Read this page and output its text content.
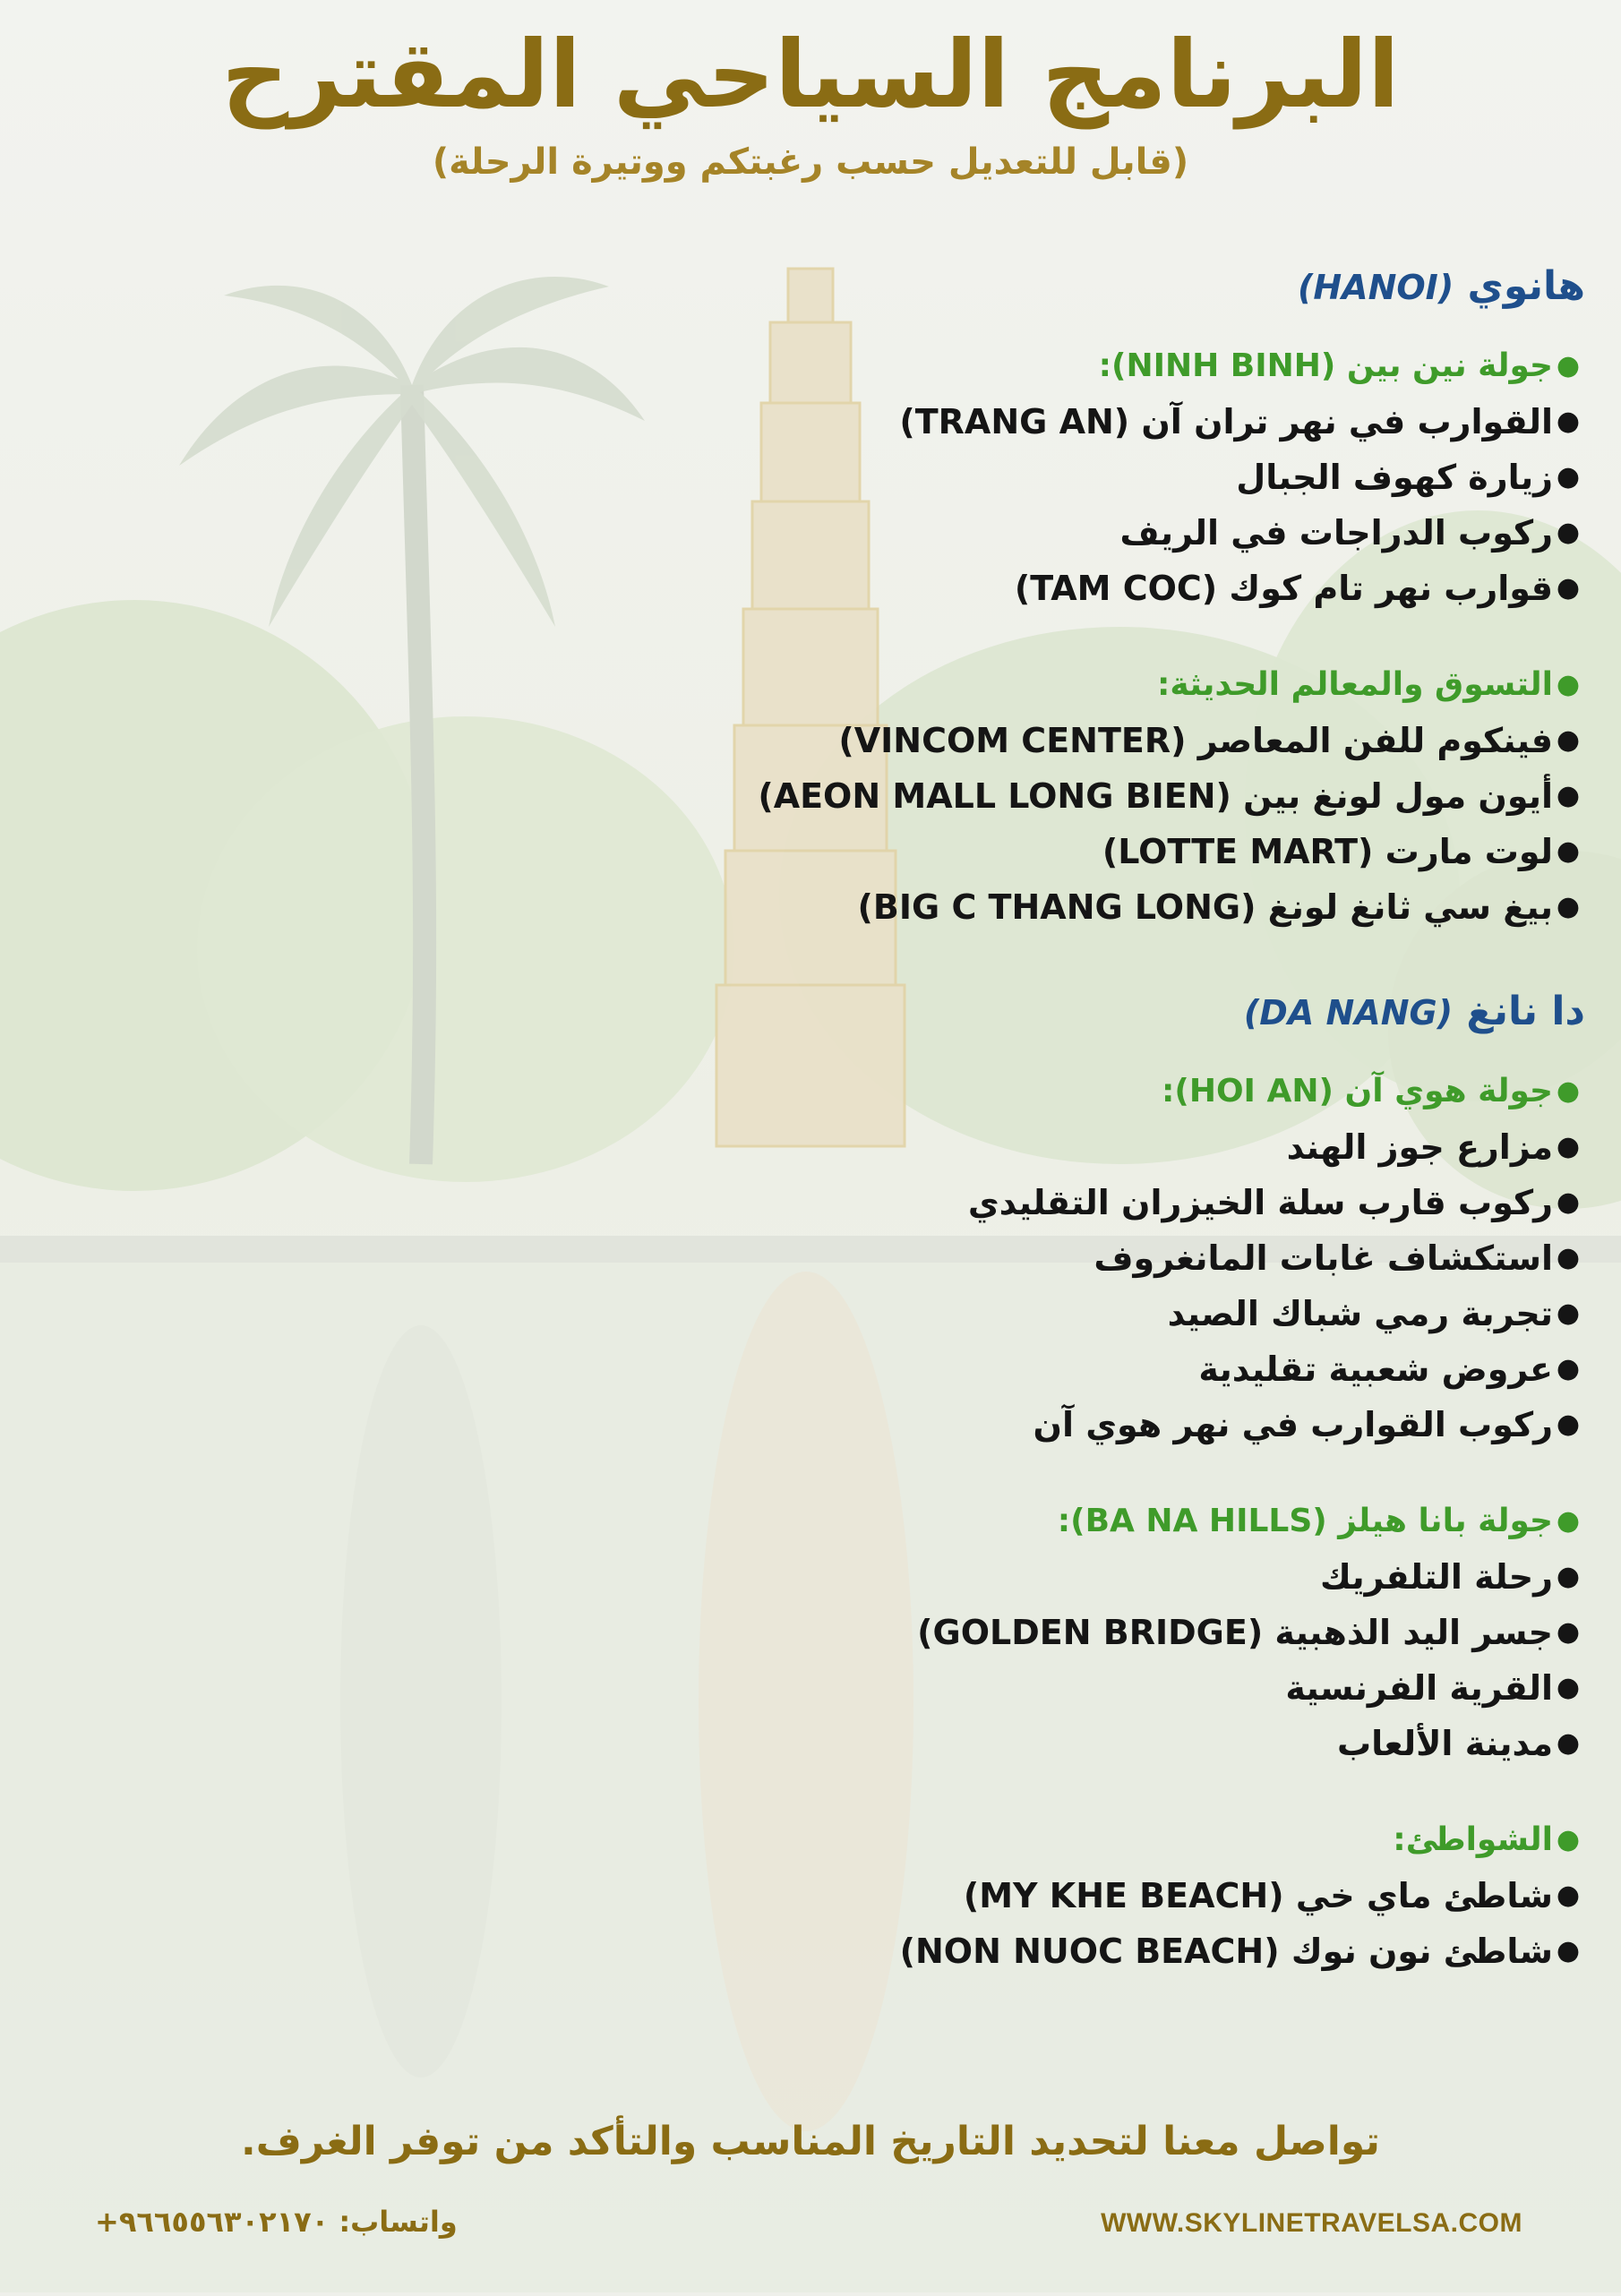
البرنامج السياحي المقترح
(قابل للتعديل حسب رغبتكم ووتيرة الرحلة)
هانوي (HANOI)
●
جولة نين بين (NINH BINH):
●
القوارب في نهر تران آن (TRANG AN)
●
زيارة كهوف الجبال
●
ركوب الدراجات في الريف
●
قوارب نهر تام كوك (TAM COC)
●
التسوق والمعالم الحديثة:
●
فينكوم للفن المعاصر (VINCOM CENTER)
●
أيون مول لونغ بين (AEON MALL LONG BIEN)
●
لوت مارت (LOTTE MART)
●
بيغ سي ثانغ لونغ (BIG C THANG LONG)
دا نانغ (DA NANG)
●
جولة هوي آن (HOI AN):
●
مزارع جوز الهند
●
ركوب قارب سلة الخيزران التقليدي
●
استكشاف غابات المانغروف
●
تجربة رمي شباك الصيد
●
عروض شعبية تقليدية
●
ركوب القوارب في نهر هوي آن
●
جولة بانا هيلز (BA NA HILLS):
●
رحلة التلفريك
●
جسر اليد الذهبية (GOLDEN BRIDGE)
●
القرية الفرنسية
●
مدينة الألعاب
●
الشواطئ:
●
شاطئ ماي خي (MY KHE BEACH)
●
شاطئ نون نوك (NON NUOC BEACH)
تواصل معنا لتحديد التاريخ المناسب والتأكد من توفر الغرف.
واتساب: ٩٦٦٥٥٦٣٠٢١٧٠+	WWW.SKYLINETRAVELSA.COM
